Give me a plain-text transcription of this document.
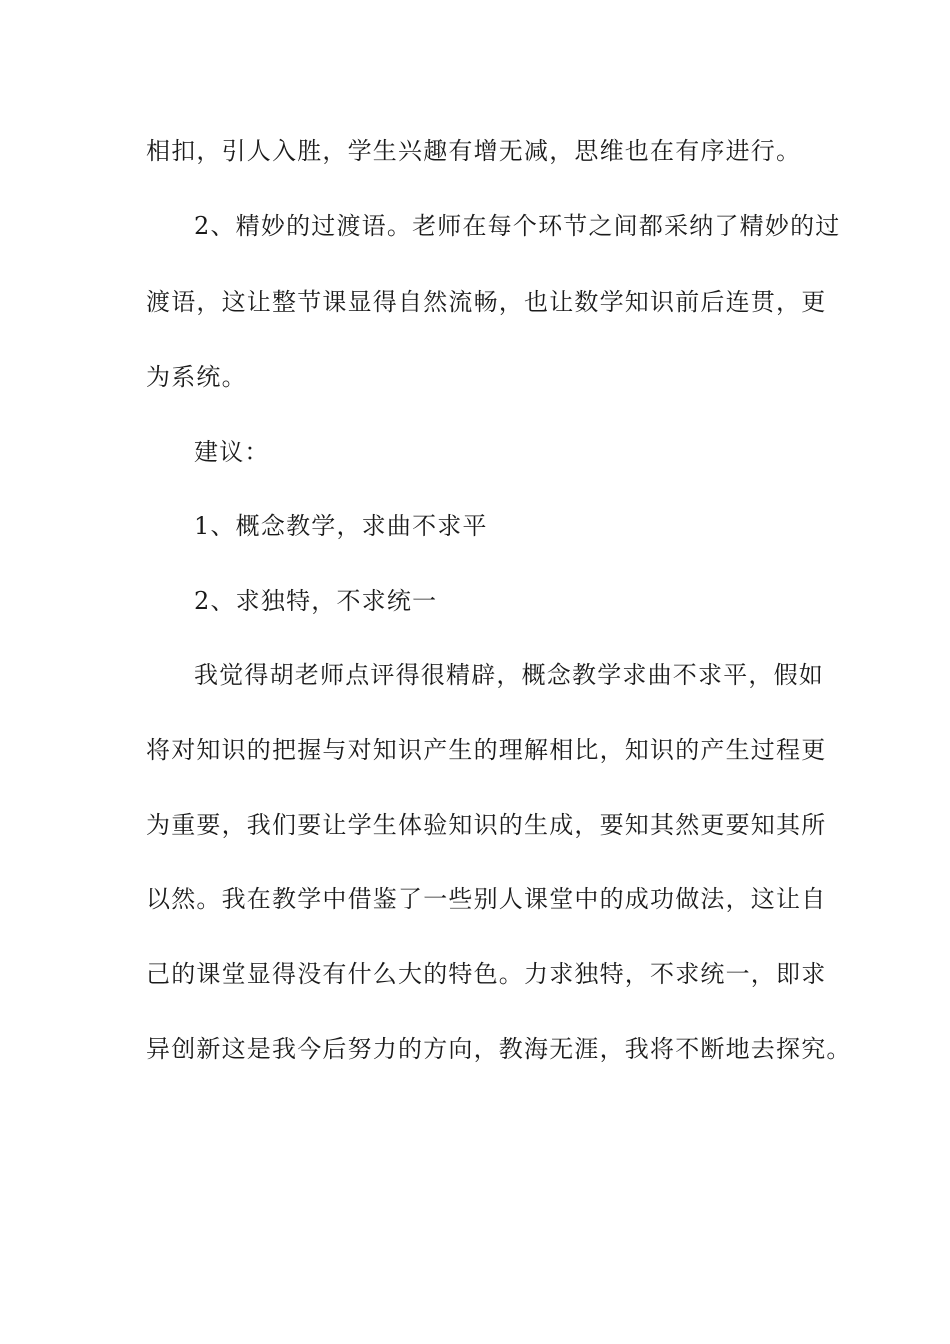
相扣，引人入胜，学生兴趣有增无减，思维也在有序进行。
2、精妙的过渡语。老师在每个环节之间都采纳了精妙的过
渡语，这让整节课显得自然流畅，也让数学知识前后连贯，更
为系统。
建议：
1、概念教学，求曲不求平
2、求独特，不求统一
我觉得胡老师点评得很精辟，概念教学求曲不求平，假如
将对知识的把握与对知识产生的理解相比，知识的产生过程更
为重要，我们要让学生体验知识的生成，要知其然更要知其所
以然。我在教学中借鉴了一些别人课堂中的成功做法，这让自
己的课堂显得没有什么大的特色。力求独特，不求统一，即求
异创新这是我今后努力的方向，教海无涯，我将不断地去探究。
